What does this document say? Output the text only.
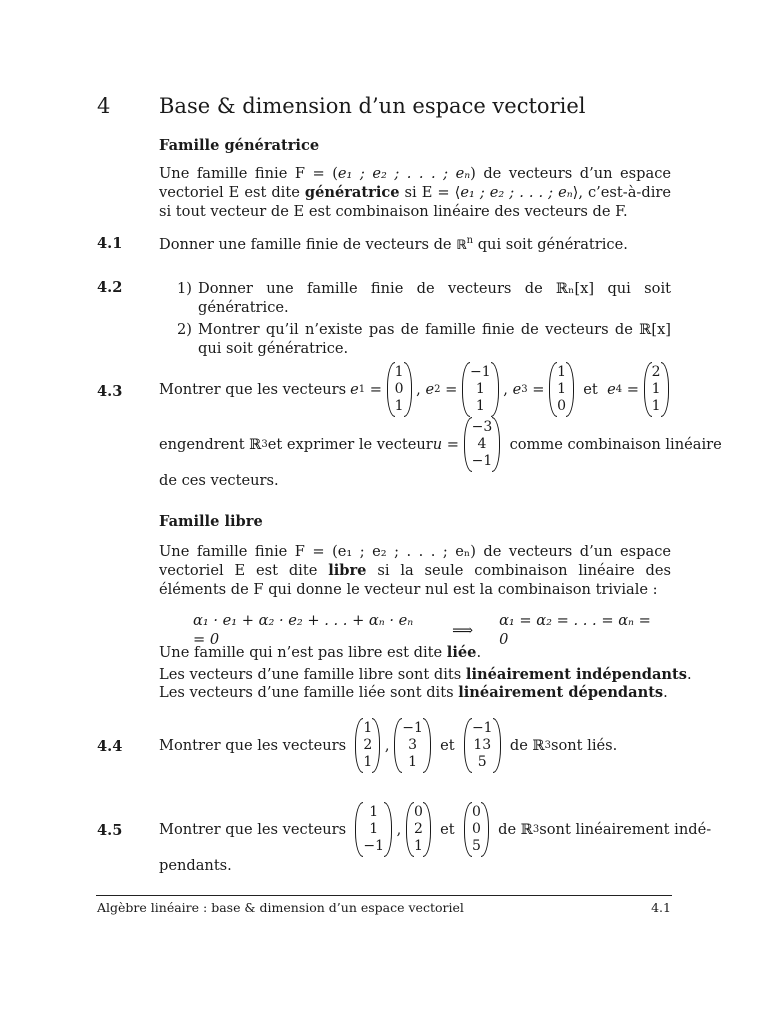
4 Base & dimension d’un espace vectoriel
Famille génératrice
Une famille finie F = (e₁ ; e₂ ; . . . ; eₙ) de vecteurs d’un espace vectoriel E est dite génératrice si E = ⟨e₁ ; e₂ ; . . . ; eₙ⟩, c’est-à-dire si tout vecteur de E est combinaison linéaire des vecteurs de F.
4.1	Donner une famille finie de vecteurs de ℝ$^n$ qui soit génératrice.
4.2	1) Donner une famille finie de vecteurs de ℝₙ[x] qui soit génératrice.
2) Montrer qu’il n’existe pas de famille finie de vecteurs de ℝ[x] qui soit génératrice.
4.3	Montrer que les vecteurs e 1 =
1
0
1
, e 2 =
−1
1
1
, e 3 =
1
1
0

et
e 4 =
2
1
1
engendrent ℝ 3 et exprimer le vecteur u =
−3
4
−1

comme combinaison linéaire
de ces vecteurs.
Famille libre
Une famille finie F = (e₁ ; e₂ ; . . . ; eₙ) de vecteurs d’un espace vectoriel E est dite libre si la seule combinaison linéaire des éléments de F qui donne le vecteur nul est la combinaison triviale :
α₁ · e₁ + α₂ · e₂ + . . . + αₙ · eₙ = 0
⟹
α₁ = α₂ = . . . = αₙ = 0
Une famille qui n’est pas libre est dite liée.
Les vecteurs d’une famille libre sont dits linéairement indépendants.
Les vecteurs d’une famille liée sont dits linéairement dépendants.
4.4	Montrer que les vecteurs

1
2
1
,
−1
3
1

et

−1
13
5

de ℝ 3 sont liés.
4.5	Montrer que les vecteurs

1
1
−1
,
0
2
1

et

0
0
5

de ℝ 3 sont linéairement indé-
pendants.
Algèbre linéaire : base & dimension d’un espace vectoriel	4.1
